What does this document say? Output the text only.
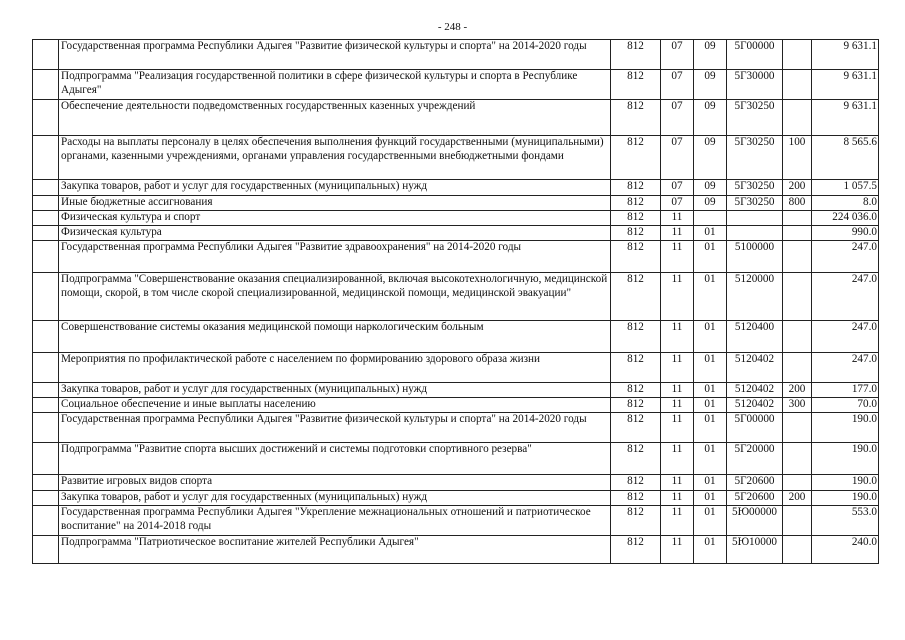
- 248 -
	Государственная программа Республики Адыгея "Развитие физической культуры и спорта" на 2014-2020 годы	812	07	09	5Г00000		9 631.1
	Подпрограмма "Реализация государственной политики в сфере физической культуры и спорта в Республике Адыгея"	812	07	09	5Г30000		9 631.1
	Обеспечение деятельности подведомственных государственных казенных учреждений	812	07	09	5Г30250		9 631.1
	Расходы на выплаты персоналу в целях обеспечения выполнения функций государственными (муниципальными) органами, казенными учреждениями, органами управления государственными внебюджетными фондами	812	07	09	5Г30250	100	8 565.6
	Закупка товаров, работ и услуг для государственных (муниципальных) нужд	812	07	09	5Г30250	200	1 057.5
	Иные бюджетные ассигнования	812	07	09	5Г30250	800	8.0
	Физическая культура и спорт	812	11				224 036.0
	Физическая культура	812	11	01			990.0
	Государственная программа Республики Адыгея "Развитие здравоохранения" на 2014-2020 годы	812	11	01	5100000		247.0
	Подпрограмма "Совершенствование оказания специализированной, включая высокотехнологичную, медицинской помощи, скорой, в том числе скорой специализированной, медицинской помощи, медицинской эвакуации"	812	11	01	5120000		247.0
	Совершенствование системы оказания медицинской помощи наркологическим больным	812	11	01	5120400		247.0
	Мероприятия по профилактической работе с населением по формированию здорового образа жизни	812	11	01	5120402		247.0
	Закупка товаров, работ и услуг для государственных (муниципальных) нужд	812	11	01	5120402	200	177.0
	Социальное обеспечение и иные выплаты населению	812	11	01	5120402	300	70.0
	Государственная программа Республики Адыгея "Развитие физической культуры и спорта" на 2014-2020 годы	812	11	01	5Г00000		190.0
	Подпрограмма "Развитие спорта высших достижений и системы подготовки спортивного резерва"	812	11	01	5Г20000		190.0
	Развитие игровых видов спорта	812	11	01	5Г20600		190.0
	Закупка товаров, работ и услуг для государственных (муниципальных) нужд	812	11	01	5Г20600	200	190.0
	Государственная программа Республики Адыгея "Укрепление межнациональных отношений и патриотическое воспитание" на 2014-2018 годы	812	11	01	5Ю00000		553.0
	Подпрограмма "Патриотическое воспитание жителей Республики Адыгея"	812	11	01	5Ю10000		240.0
